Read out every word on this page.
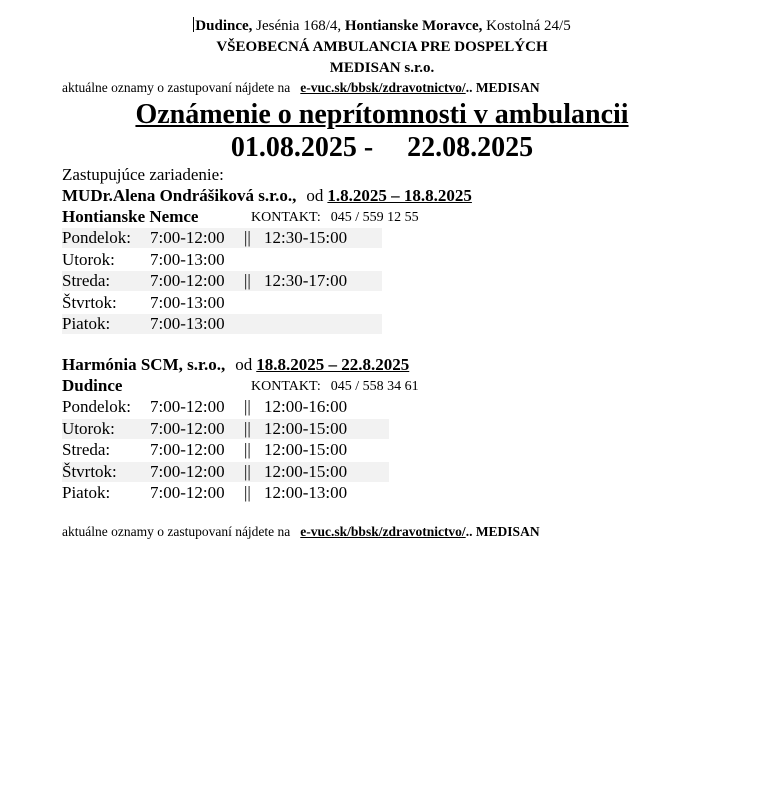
Dudince, Jesénia 168/4, Hontianske Moravce, Kostolná 24/5
VŠEOBECNÁ AMBULANCIA PRE DOSPELÝCH
MEDISAN s.r.o.
aktuálne oznamy o zastupovaní nájdete na e-vuc.sk/bbsk/zdravotnictvo/.. MEDISAN
Oznámenie o neprítomnosti v ambulancii
01.08.2025 - 22.08.2025
Zastupujúce zariadenie:
MUDr.Alena Ondrášiková s.r.o., od 1.8.2025 – 18.8.2025
Hontianske Nemce	KONTAKT: 045 / 559 12 55
Pondelok: 7:00-12:00 || 12:30-15:00
Utorok: 7:00-13:00
Streda: 7:00-12:00 || 12:30-17:00
Štvrtok: 7:00-13:00
Piatok: 7:00-13:00
Harmónia SCM, s.r.o., od 18.8.2025 – 22.8.2025
Dudince	KONTAKT: 045 / 558 34 61
Pondelok: 7:00-12:00 || 12:00-16:00
Utorok: 7:00-12:00 || 12:00-15:00
Streda: 7:00-12:00 || 12:00-15:00
Štvrtok: 7:00-12:00 || 12:00-15:00
Piatok: 7:00-12:00 || 12:00-13:00
aktuálne oznamy o zastupovaní nájdete na e-vuc.sk/bbsk/zdravotnictvo/.. MEDISAN
